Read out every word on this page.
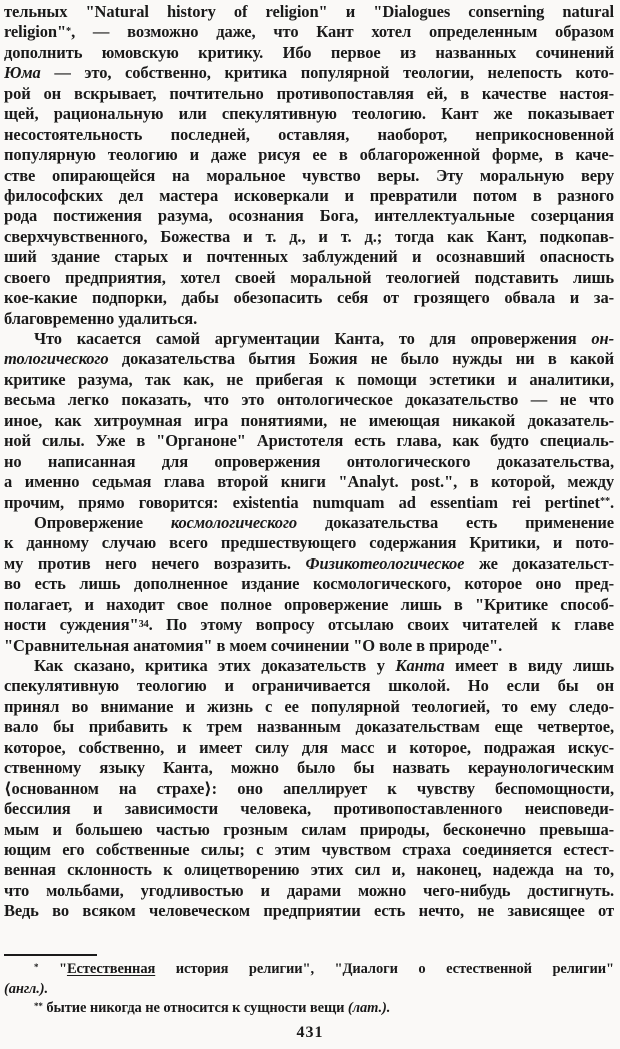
тельных "Natural history of religion" и "Dialogues conserning natural
religion"*, — возможно даже, что Кант хотел определенным образом
дополнить юмовскую критику. Ибо первое из названных сочинений
Юма — это, собственно, критика популярной теологии, нелепость кото-
рой он вскрывает, почтительно противопоставляя ей, в качестве настоя-
щей, рациональную или спекулятивную теологию. Кант же показывает
несостоятельность последней, оставляя, наоборот, неприкосновенной
популярную теологию и даже рисуя ее в облагороженной форме, в каче-
стве опирающейся на моральное чувство веры. Эту моральную веру
философских дел мастера исковеркали и превратили потом в разного
рода постижения разума, осознания Бога, интеллектуальные созерцания
сверхчувственного, Божества и т. д., и т. д.; тогда как Кант, подкопав-
ший здание старых и почтенных заблуждений и осознавший опасность
своего предприятия, хотел своей моральной теологией подставить лишь
кое-какие подпорки, дабы обезопасить себя от грозящего обвала и за-
благовременно удалиться.
Что касается самой аргументации Канта, то для опровержения он-
тологического доказательства бытия Божия не было нужды ни в какой
критике разума, так как, не прибегая к помощи эстетики и аналитики,
весьма легко показать, что это онтологическое доказательство — не что
иное, как хитроумная игра понятиями, не имеющая никакой доказатель-
ной силы. Уже в "Органоне" Аристотеля есть глава, как будто специаль-
но написанная для опровержения онтологического доказательства,
а именно седьмая глава второй книги "Analyt. post.", в которой, между
прочим, прямо говорится: existentia numquam ad essentiam rei pertinet**.
Опровержение космологического доказательства есть применение
к данному случаю всего предшествующего содержания Критики, и пото-
му против него нечего возразить. Физикотеологическое же доказательст-
во есть лишь дополненное издание космологического, которое оно пред-
полагает, и находит свое полное опровержение лишь в "Критике способ-
ности суждения"$^{34}$. По этому вопросу отсылаю своих читателей к главе
"Сравнительная анатомия" в моем сочинении "О воле в природе".
Как сказано, критика этих доказательств у Канта имеет в виду лишь
спекулятивную теологию и ограничивается школой. Но если бы он
принял во внимание и жизнь с ее популярной теологией, то ему следо-
вало бы прибавить к трем названным доказательствам еще четвертое,
которое, собственно, и имеет силу для масс и которое, подражая искус-
ственному языку Канта, можно было бы назвать кераунологическим
⟨основанном на страхе⟩: оно апеллирует к чувству беспомощности,
бессилия и зависимости человека, противопоставленного неисповеди-
мым и большею частью грозным силам природы, бесконечно превыша-
ющим его собственные силы; с этим чувством страха соединяется естест-
венная склонность к олицетворению этих сил и, наконец, надежда на то,
что мольбами, угодливостью и дарами можно чего-нибудь достигнуть.
Ведь во всяком человеческом предприятии есть нечто, не зависящее от
* "Естественная история религии", "Диалоги о естественной религии"
(англ.).
** бытие никогда не относится к сущности вещи (лат.).
431
